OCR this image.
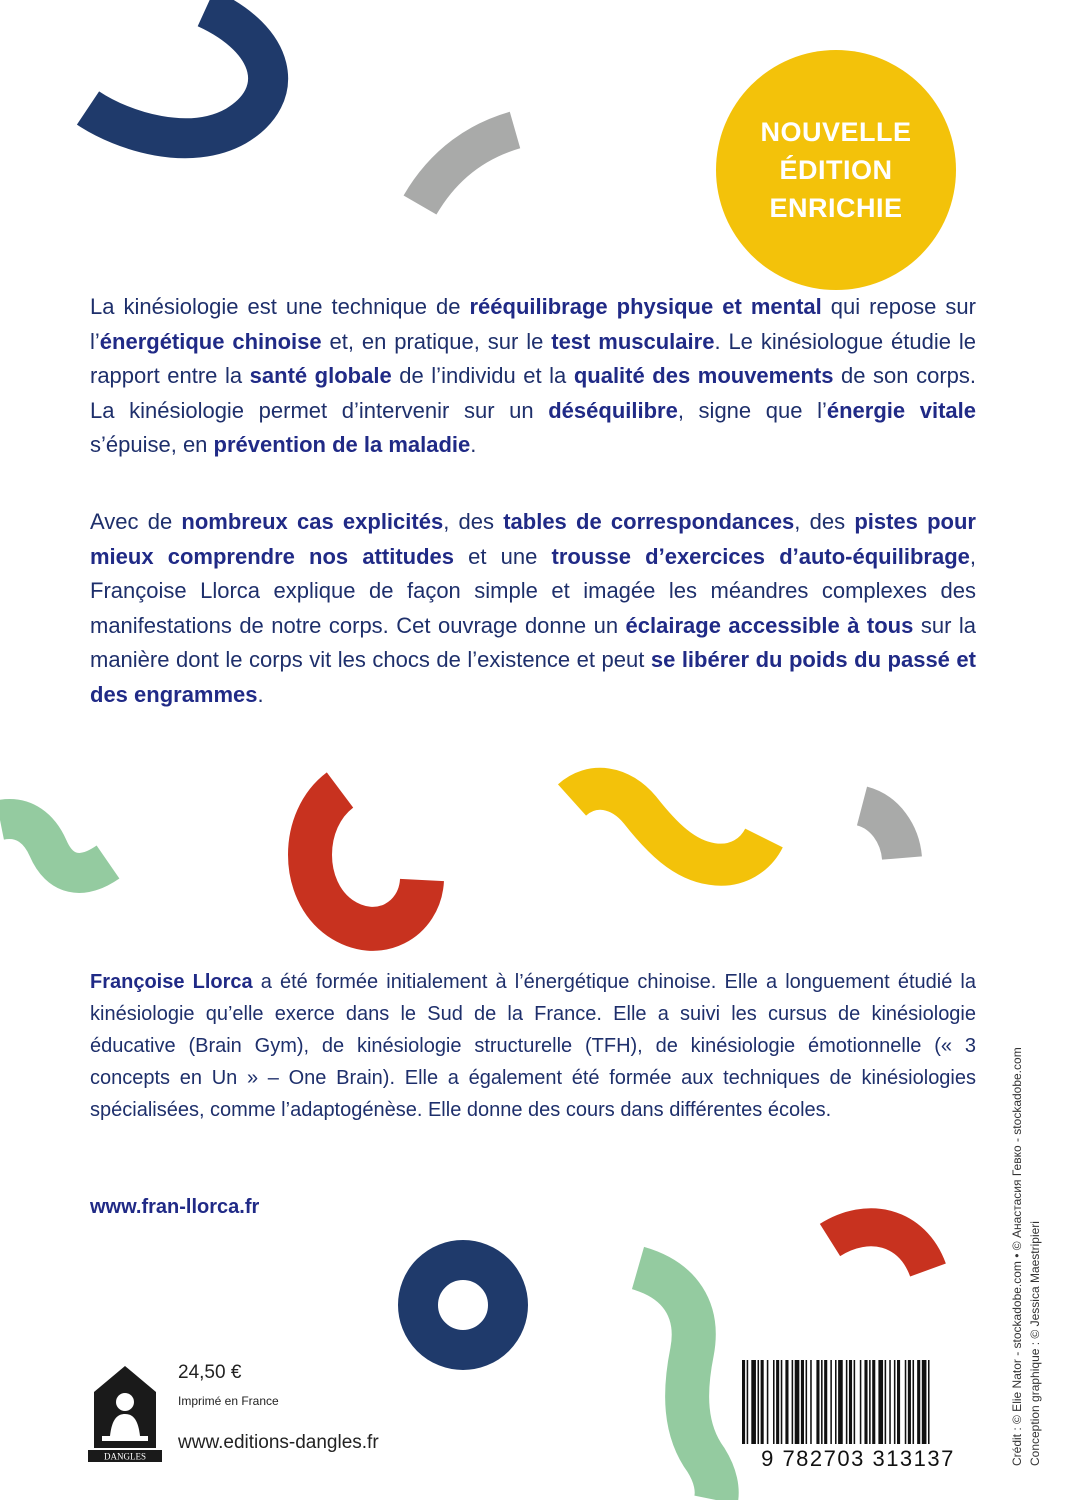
NOUVELLE
ÉDITION
ENRICHIE

La kinésiologie est une technique de rééquilibrage physique et mental qui repose sur l’énergétique chinoise et, en pratique, sur le test musculaire. Le kinésiologue étudie le rapport entre la santé globale de l’individu et la qualité des mouvements de son corps. La kinésiologie permet d’intervenir sur un déséquilibre, signe que l’énergie vitale s’épuise, en prévention de la maladie.

Avec de nombreux cas explicités, des tables de correspondances, des pistes pour mieux comprendre nos attitudes et une trousse d’exercices d’auto-équilibrage, Françoise Llorca explique de façon simple et imagée les méandres complexes des manifestations de notre corps. Cet ouvrage donne un éclairage accessible à tous sur la manière dont le corps vit les chocs de l’existence et peut se libérer du poids du passé et des engrammes.

Françoise Llorca a été formée initialement à l’énergétique chinoise. Elle a longuement étudié la kinésiologie qu’elle exerce dans le Sud de la France. Elle a suivi les cursus de kinésiologie éducative (Brain Gym), de kinésiologie structurelle (TFH), de kinésiologie émotionnelle (« 3 concepts en Un » – One Brain). Elle a également été formée aux techniques de kinésiologies spécialisées, comme l’adaptogénèse. Elle donne des cours dans différentes écoles.

www.fran-llorca.fr
DANGLES
24,50 €
Imprimé en France
www.editions-dangles.fr
9 782703 313137	Crédit : © Elie Nator - stockadobe.com • © Анастасия Гевко - stockadobe.com Conception graphique : © Jessica Maestripieri
